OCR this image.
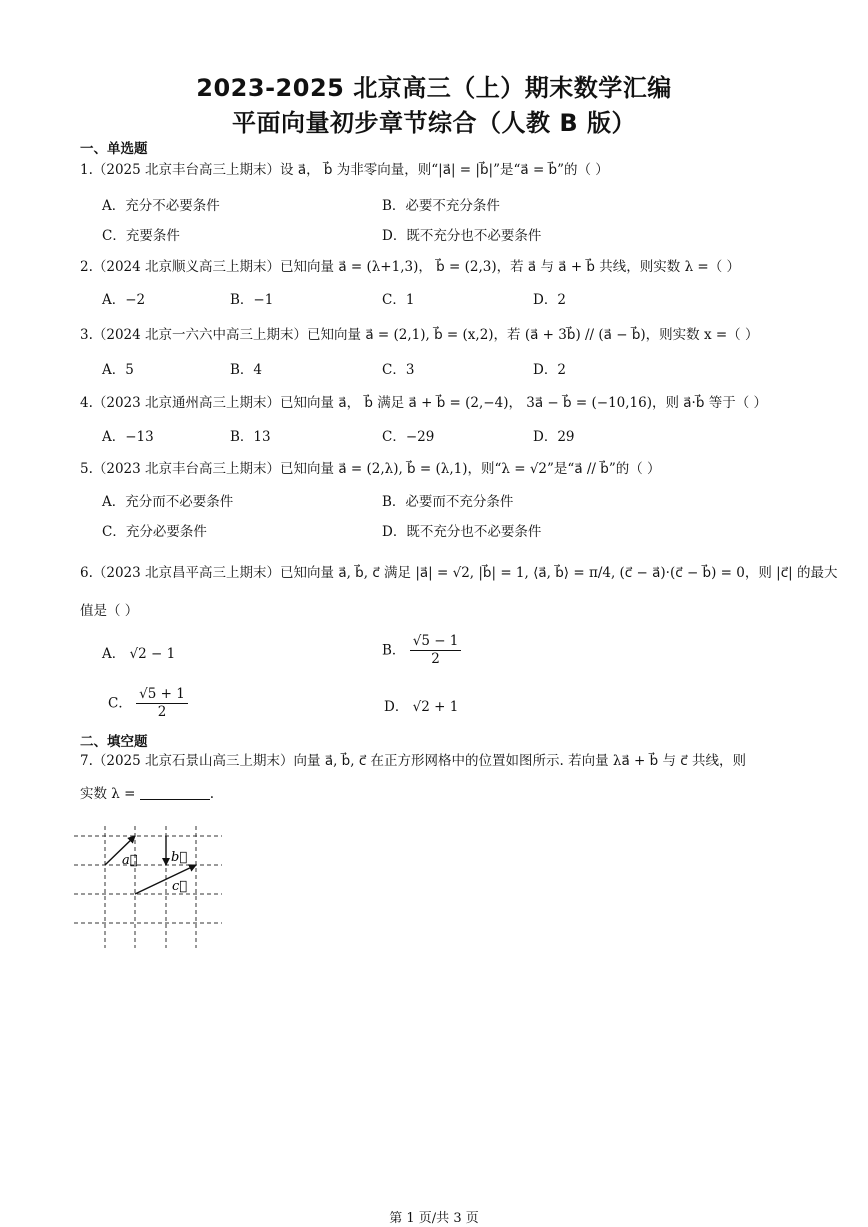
2023-2025 北京高三（上）期末数学汇编
平面向量初步章节综合（人教 B 版）
一、单选题
1.（2025 北京丰台高三上期末）设 a⃗， b⃗ 为非零向量，则“|a⃗| = |b⃗|”是“a⃗ = b⃗”的（ ）
A．充分不必要条件	B．必要不充分条件
C．充要条件	D．既不充分也不必要条件
2.（2024 北京顺义高三上期末）已知向量 a⃗ = (λ+1,3)， b⃗ = (2,3)，若 a⃗ 与 a⃗ + b⃗ 共线，则实数 λ =（ ）
A．−2	B．−1	C．1	D．2
3.（2024 北京一六六中高三上期末）已知向量 a⃗ = (2,1), b⃗ = (x,2)，若 (a⃗ + 3b⃗) // (a⃗ − b⃗)，则实数 x =（ ）
A．5	B．4	C．3	D．2
4.（2023 北京通州高三上期末）已知向量 a⃗， b⃗ 满足 a⃗ + b⃗ = (2,−4)， 3a⃗ − b⃗ = (−10,16)，则 a⃗·b⃗ 等于（ ）
A．−13	B．13	C．−29	D．29
5.（2023 北京丰台高三上期末）已知向量 a⃗ = (2,λ), b⃗ = (λ,1)，则“λ = √2”是“a⃗ // b⃗”的（ ）
A．充分而不必要条件	B．必要而不充分条件
C．充分必要条件	D．既不充分也不必要条件
6.（2023 北京昌平高三上期末）已知向量 a⃗, b⃗, c⃗ 满足 |a⃗| = √2, |b⃗| = 1, ⟨a⃗, b⃗⟩ = π/4, (c⃗ − a⃗)·(c⃗ − b⃗) = 0，则 |c⃗| 的最大
值是（ ）
A． √2 − 1	B． $\frac{√5 - 1}{2}$
C． $\frac{√5 + 1}{2}$	D． √2 + 1
二、填空题
7.（2025 北京石景山高三上期末）向量 a⃗, b⃗, c⃗ 在正方形网格中的位置如图所示. 若向量 λa⃗ + b⃗ 与 c⃗ 共线，则
实数 λ =	.
a⃗	b⃗
c⃗
第 1 页/共 3 页
